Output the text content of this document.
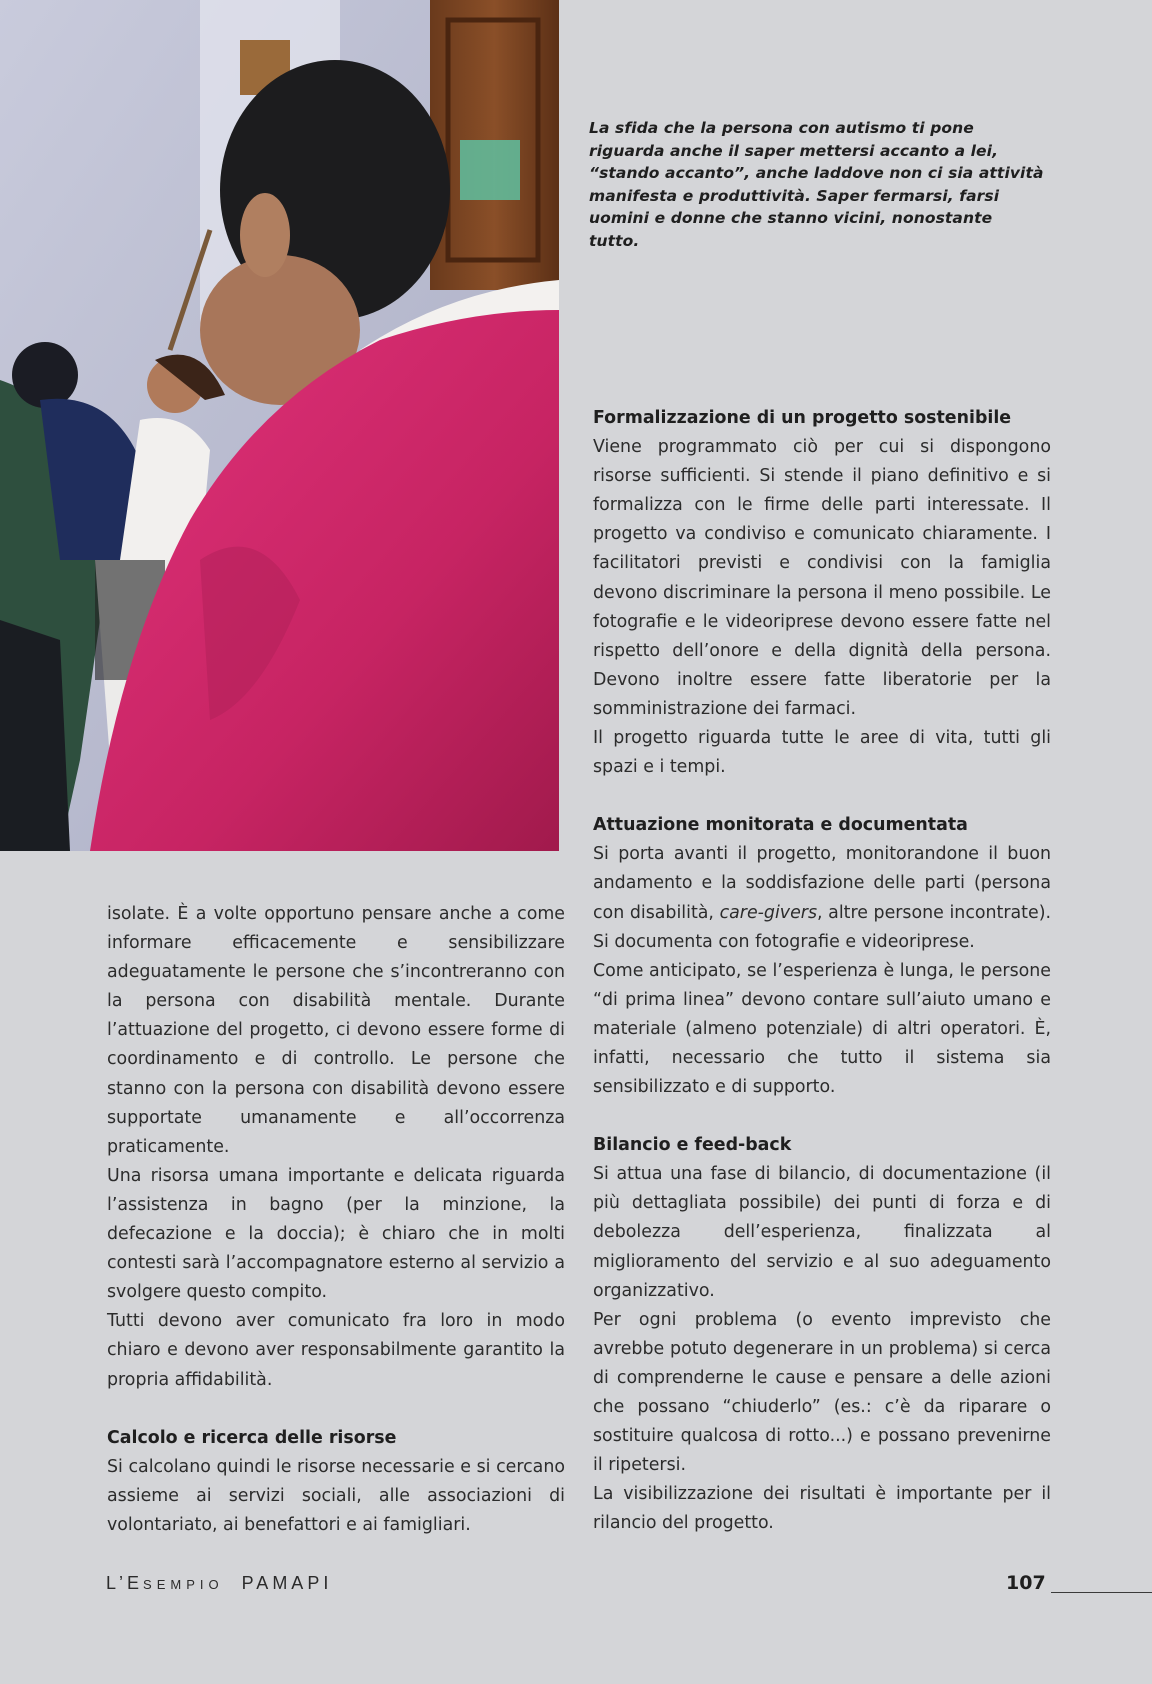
La sfida che la persona con autismo ti pone riguarda anche il saper mettersi accanto a lei, “stando accanto”, anche laddove non ci sia attività manifesta e produttività. Saper fermarsi, farsi uomini e donne che stanno vicini, nonostante tutto.

isolate. È a volte opportuno pensare anche a come informare efficacemente e sensibilizzare adeguatamente le persone che s’incontreranno con la persona con disabilità mentale. Durante l’attuazione del progetto, ci devono essere forme di coordinamento e di controllo. Le persone che stanno con la persona con disabilità devono essere supportate umanamente e all’occorrenza praticamente.

Una risorsa umana importante e delicata riguarda l’assistenza in bagno (per la minzione, la defecazione e la doccia); è chiaro che in molti contesti sarà l’accompagnatore esterno al servizio a svolgere questo compito.

Tutti devono aver comunicato fra loro in modo chiaro e devono aver responsabilmente garantito la propria affidabilità.

Calcolo e ricerca delle risorse

Si calcolano quindi le risorse necessarie e si cercano assieme ai servizi sociali, alle associazioni di volontariato, ai benefattori e ai famigliari.

Formalizzazione di un progetto sostenibile

Viene programmato ciò per cui si dispongono risorse sufficienti. Si stende il piano definitivo e si formalizza con le firme delle parti interessate. Il progetto va condiviso e comunicato chiaramente. I facilitatori previsti e condivisi con la famiglia devono discriminare la persona il meno possibile. Le fotografie e le videoriprese devono essere fatte nel rispetto dell’onore e della dignità della persona. Devono inoltre essere fatte liberatorie per la somministrazione dei farmaci.

Il progetto riguarda tutte le aree di vita, tutti gli spazi e i tempi.

Attuazione monitorata e documentata

Si porta avanti il progetto, monitorandone il buon andamento e la soddisfazione delle parti (persona con disabilità, care-givers, altre persone incontrate). Si documenta con fotografie e videoriprese.

Come anticipato, se l’esperienza è lunga, le persone “di prima linea” devono contare sull’aiuto umano e materiale (almeno potenziale) di altri operatori. È, infatti, necessario che tutto il sistema sia sensibilizzato e di supporto.

Bilancio e feed-back

Si attua una fase di bilancio, di documentazione (il più dettagliata possibile) dei punti di forza e di debolezza dell’esperienza, finalizzata al miglioramento del servizio e al suo adeguamento organizzativo.

Per ogni problema (o evento imprevisto che avrebbe potuto degenerare in un problema) si cerca di comprenderne le cause e pensare a delle azioni che possano “chiuderlo” (es.: c’è da riparare o sostituire qualcosa di rotto...) e possano prevenirne il ripetersi.

La visibilizzazione dei risultati è importante per il rilancio del progetto.

L’ESEMPIO PAMAPI	107
